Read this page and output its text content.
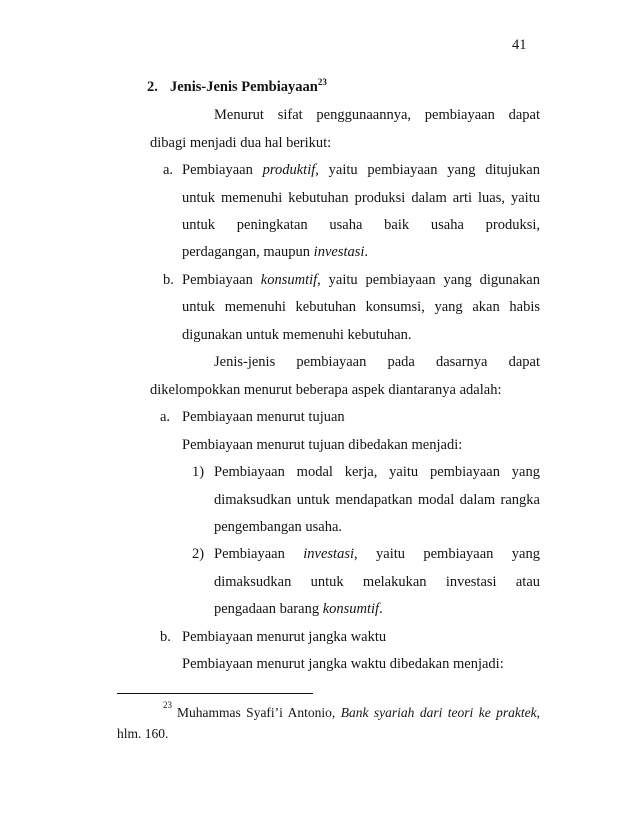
41
2. Jenis-Jenis Pembiayaan$^{23}$
Menurut sifat penggunaannya, pembiayaan dapat
dibagi menjadi dua hal berikut:
a. Pembiayaan produktif, yaitu pembiayaan yang ditujukan
untuk memenuhi kebutuhan produksi dalam arti luas, yaitu
untuk peningkatan usaha baik usaha produksi,
perdagangan, maupun investasi.
b. Pembiayaan konsumtif, yaitu pembiayaan yang digunakan
untuk memenuhi kebutuhan konsumsi, yang akan habis
digunakan untuk memenuhi kebutuhan.
Jenis-jenis pembiayaan pada dasarnya dapat
dikelompokkan menurut beberapa aspek diantaranya adalah:
a. Pembiayaan menurut tujuan
Pembiayaan menurut tujuan dibedakan menjadi:
1) Pembiayaan modal kerja, yaitu pembiayaan yang
dimaksudkan untuk mendapatkan modal dalam rangka
pengembangan usaha.
2) Pembiayaan investasi, yaitu pembiayaan yang
dimaksudkan untuk melakukan investasi atau
pengadaan barang konsumtif.
b. Pembiayaan menurut jangka waktu
Pembiayaan menurut jangka waktu dibedakan menjadi:
23 Muhammas Syafi’i Antonio, Bank syariah dari teori ke praktek,
hlm. 160.
